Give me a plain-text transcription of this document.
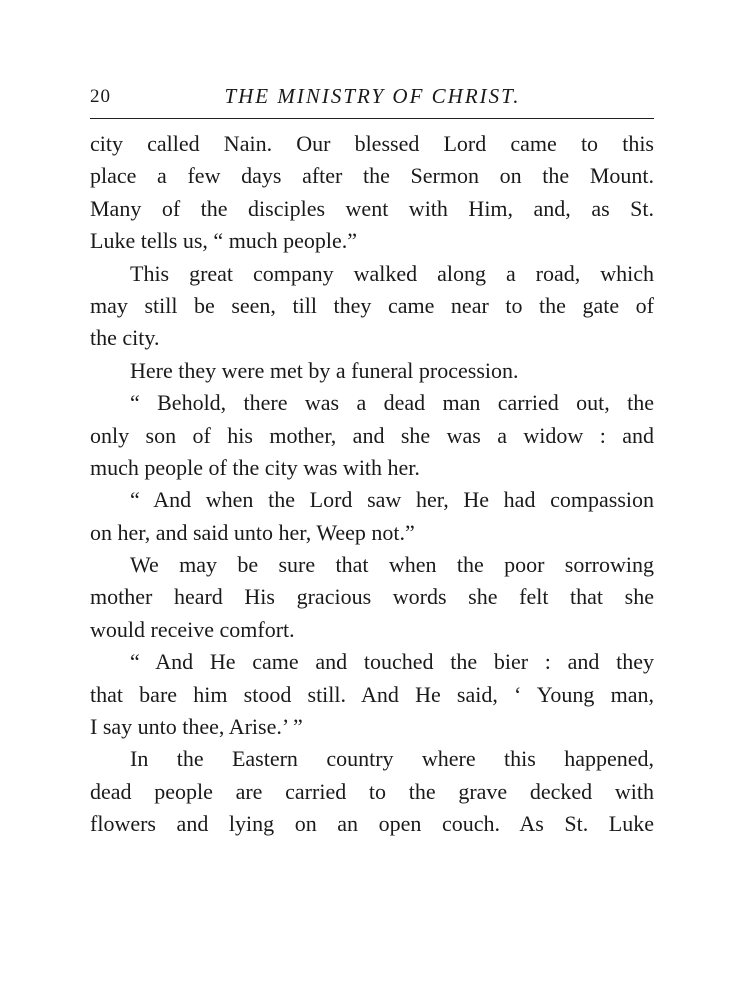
20	THE MINISTRY OF CHRIST.
city called Nain. Our blessed Lord came to this
place a few days after the Sermon on the Mount.
Many of the disciples went with Him, and, as St.
Luke tells us, “ much people.”
This great company walked along a road, which
may still be seen, till they came near to the gate of
the city.
Here they were met by a funeral procession.
“ Behold, there was a dead man carried out, the
only son of his mother, and she was a widow : and
much people of the city was with her.
“ And when the Lord saw her, He had compassion
on her, and said unto her, Weep not.”
We may be sure that when the poor sorrowing
mother heard His gracious words she felt that she
would receive comfort.
“ And He came and touched the bier : and they
that bare him stood still. And He said, ‘ Young man,
I say unto thee, Arise.’ ”
In the Eastern country where this happened,
dead people are carried to the grave decked with
flowers and lying on an open couch. As St. Luke
